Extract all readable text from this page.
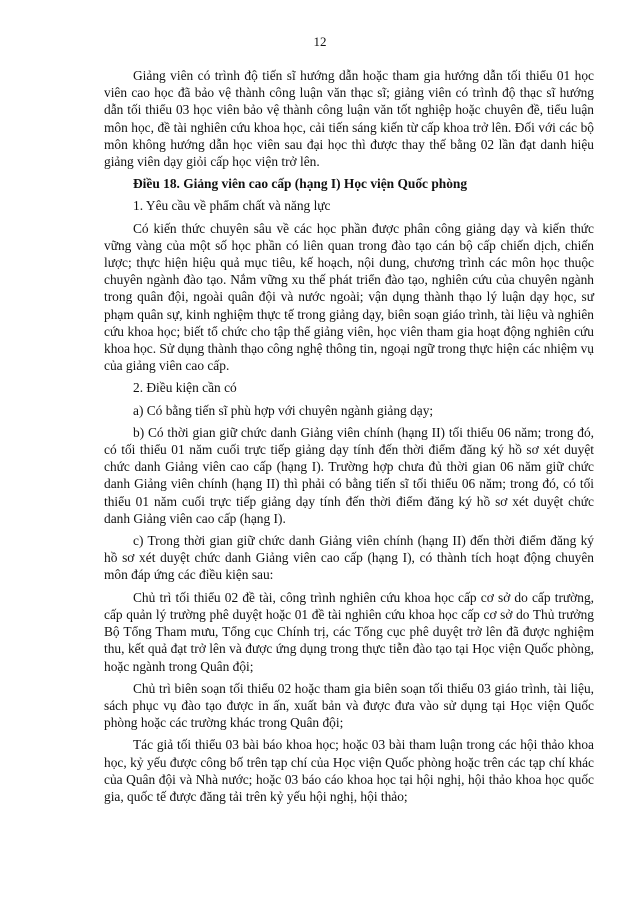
12

Giảng viên có trình độ tiến sĩ hướng dẫn hoặc tham gia hướng dẫn tối thiểu 01 học viên cao học đã bảo vệ thành công luận văn thạc sĩ; giảng viên có trình độ thạc sĩ hướng dẫn tối thiểu 03 học viên bảo vệ thành công luận văn tốt nghiệp hoặc chuyên đề, tiểu luận môn học, đề tài nghiên cứu khoa học, cải tiến sáng kiến từ cấp khoa trở lên. Đối với các bộ môn không hướng dẫn học viên sau đại học thì được thay thế bằng 02 lần đạt danh hiệu giảng viên dạy giỏi cấp học viện trở lên.

Điều 18. Giảng viên cao cấp (hạng I) Học viện Quốc phòng

1. Yêu cầu về phẩm chất và năng lực

Có kiến thức chuyên sâu về các học phần được phân công giảng dạy và kiến thức vững vàng của một số học phần có liên quan trong đào tạo cán bộ cấp chiến dịch, chiến lược; thực hiện hiệu quả mục tiêu, kế hoạch, nội dung, chương trình các môn học thuộc chuyên ngành đào tạo. Nắm vững xu thế phát triển đào tạo, nghiên cứu của chuyên ngành trong quân đội, ngoài quân đội và nước ngoài; vận dụng thành thạo lý luận dạy học, sư phạm quân sự, kinh nghiệm thực tế trong giảng dạy, biên soạn giáo trình, tài liệu và nghiên cứu khoa học; biết tổ chức cho tập thể giảng viên, học viên tham gia hoạt động nghiên cứu khoa học. Sử dụng thành thạo công nghệ thông tin, ngoại ngữ trong thực hiện các nhiệm vụ của giảng viên cao cấp.

2. Điều kiện cần có

a) Có bằng tiến sĩ phù hợp với chuyên ngành giảng dạy;

b) Có thời gian giữ chức danh Giảng viên chính (hạng II) tối thiểu 06 năm; trong đó, có tối thiểu 01 năm cuối trực tiếp giảng dạy tính đến thời điểm đăng ký hồ sơ xét duyệt chức danh Giảng viên cao cấp (hạng I). Trường hợp chưa đủ thời gian 06 năm giữ chức danh Giảng viên chính (hạng II) thì phải có bằng tiến sĩ tối thiểu 06 năm; trong đó, có tối thiểu 01 năm cuối trực tiếp giảng dạy tính đến thời điểm đăng ký hồ sơ xét duyệt chức danh Giảng viên cao cấp (hạng I).

c) Trong thời gian giữ chức danh Giảng viên chính (hạng II) đến thời điểm đăng ký hồ sơ xét duyệt chức danh Giảng viên cao cấp (hạng I), có thành tích hoạt động chuyên môn đáp ứng các điều kiện sau:

Chủ trì tối thiểu 02 đề tài, công trình nghiên cứu khoa học cấp cơ sở do cấp trường, cấp quản lý trường phê duyệt hoặc 01 đề tài nghiên cứu khoa học cấp cơ sở do Thủ trưởng Bộ Tổng Tham mưu, Tổng cục Chính trị, các Tổng cục phê duyệt trở lên đã được nghiệm thu, kết quả đạt trở lên và được ứng dụng trong thực tiễn đào tạo tại Học viện Quốc phòng, hoặc ngành trong Quân đội;

Chủ trì biên soạn tối thiểu 02 hoặc tham gia biên soạn tối thiểu 03 giáo trình, tài liệu, sách phục vụ đào tạo được in ấn, xuất bản và được đưa vào sử dụng tại Học viện Quốc phòng hoặc các trường khác trong Quân đội;

Tác giả tối thiểu 03 bài báo khoa học; hoặc 03 bài tham luận trong các hội thảo khoa học, kỷ yếu được công bố trên tạp chí của Học viện Quốc phòng hoặc trên các tạp chí khác của Quân đội và Nhà nước; hoặc 03 báo cáo khoa học tại hội nghị, hội thảo khoa học quốc gia, quốc tế được đăng tải trên kỷ yếu hội nghị, hội thảo;
